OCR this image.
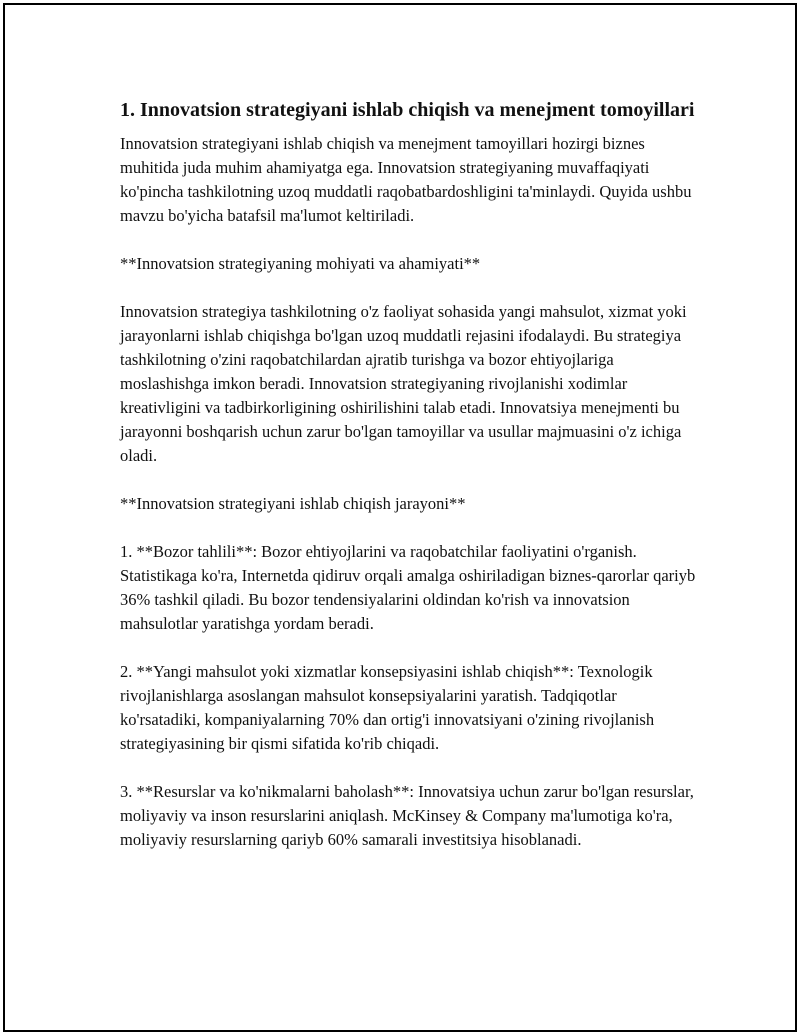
1. Innovatsion strategiyani ishlab chiqish va menejment tomoyillari

Innovatsion strategiyani ishlab chiqish va menejment tamoyillari hozirgi biznes muhitida juda muhim ahamiyatga ega. Innovatsion strategiyaning muvaffaqiyati ko'pincha tashkilotning uzoq muddatli raqobatbardoshligini ta'minlaydi. Quyida ushbu mavzu bo'yicha batafsil ma'lumot keltiriladi.

**Innovatsion strategiyaning mohiyati va ahamiyati**

Innovatsion strategiya tashkilotning o'z faoliyat sohasida yangi mahsulot, xizmat yoki jarayonlarni ishlab chiqishga bo'lgan uzoq muddatli rejasini ifodalaydi. Bu strategiya tashkilotning o'zini raqobatchilardan ajratib turishga va bozor ehtiyojlariga moslashishga imkon beradi. Innovatsion strategiyaning rivojlanishi xodimlar kreativligini va tadbirkorligining oshirilishini talab etadi. Innovatsiya menejmenti bu jarayonni boshqarish uchun zarur bo'lgan tamoyillar va usullar majmuasini o'z ichiga oladi.

**Innovatsion strategiyani ishlab chiqish jarayoni**

1. **Bozor tahlili**: Bozor ehtiyojlarini va raqobatchilar faoliyatini o'rganish. Statistikaga ko'ra, Internetda qidiruv orqali amalga oshiriladigan biznes-qarorlar qariyb 36% tashkil qiladi. Bu bozor tendensiyalarini oldindan ko'rish va innovatsion mahsulotlar yaratishga yordam beradi.

2. **Yangi mahsulot yoki xizmatlar konsepsiyasini ishlab chiqish**: Texnologik rivojlanishlarga asoslangan mahsulot konsepsiyalarini yaratish. Tadqiqotlar ko'rsatadiki, kompaniyalarning 70% dan ortig'i innovatsiyani o'zining rivojlanish strategiyasining bir qismi sifatida ko'rib chiqadi.

3. **Resurslar va ko'nikmalarni baholash**: Innovatsiya uchun zarur bo'lgan resurslar, moliyaviy va inson resurslarini aniqlash. McKinsey & Company ma'lumotiga ko'ra, moliyaviy resurslarning qariyb 60% samarali investitsiya hisoblanadi.
